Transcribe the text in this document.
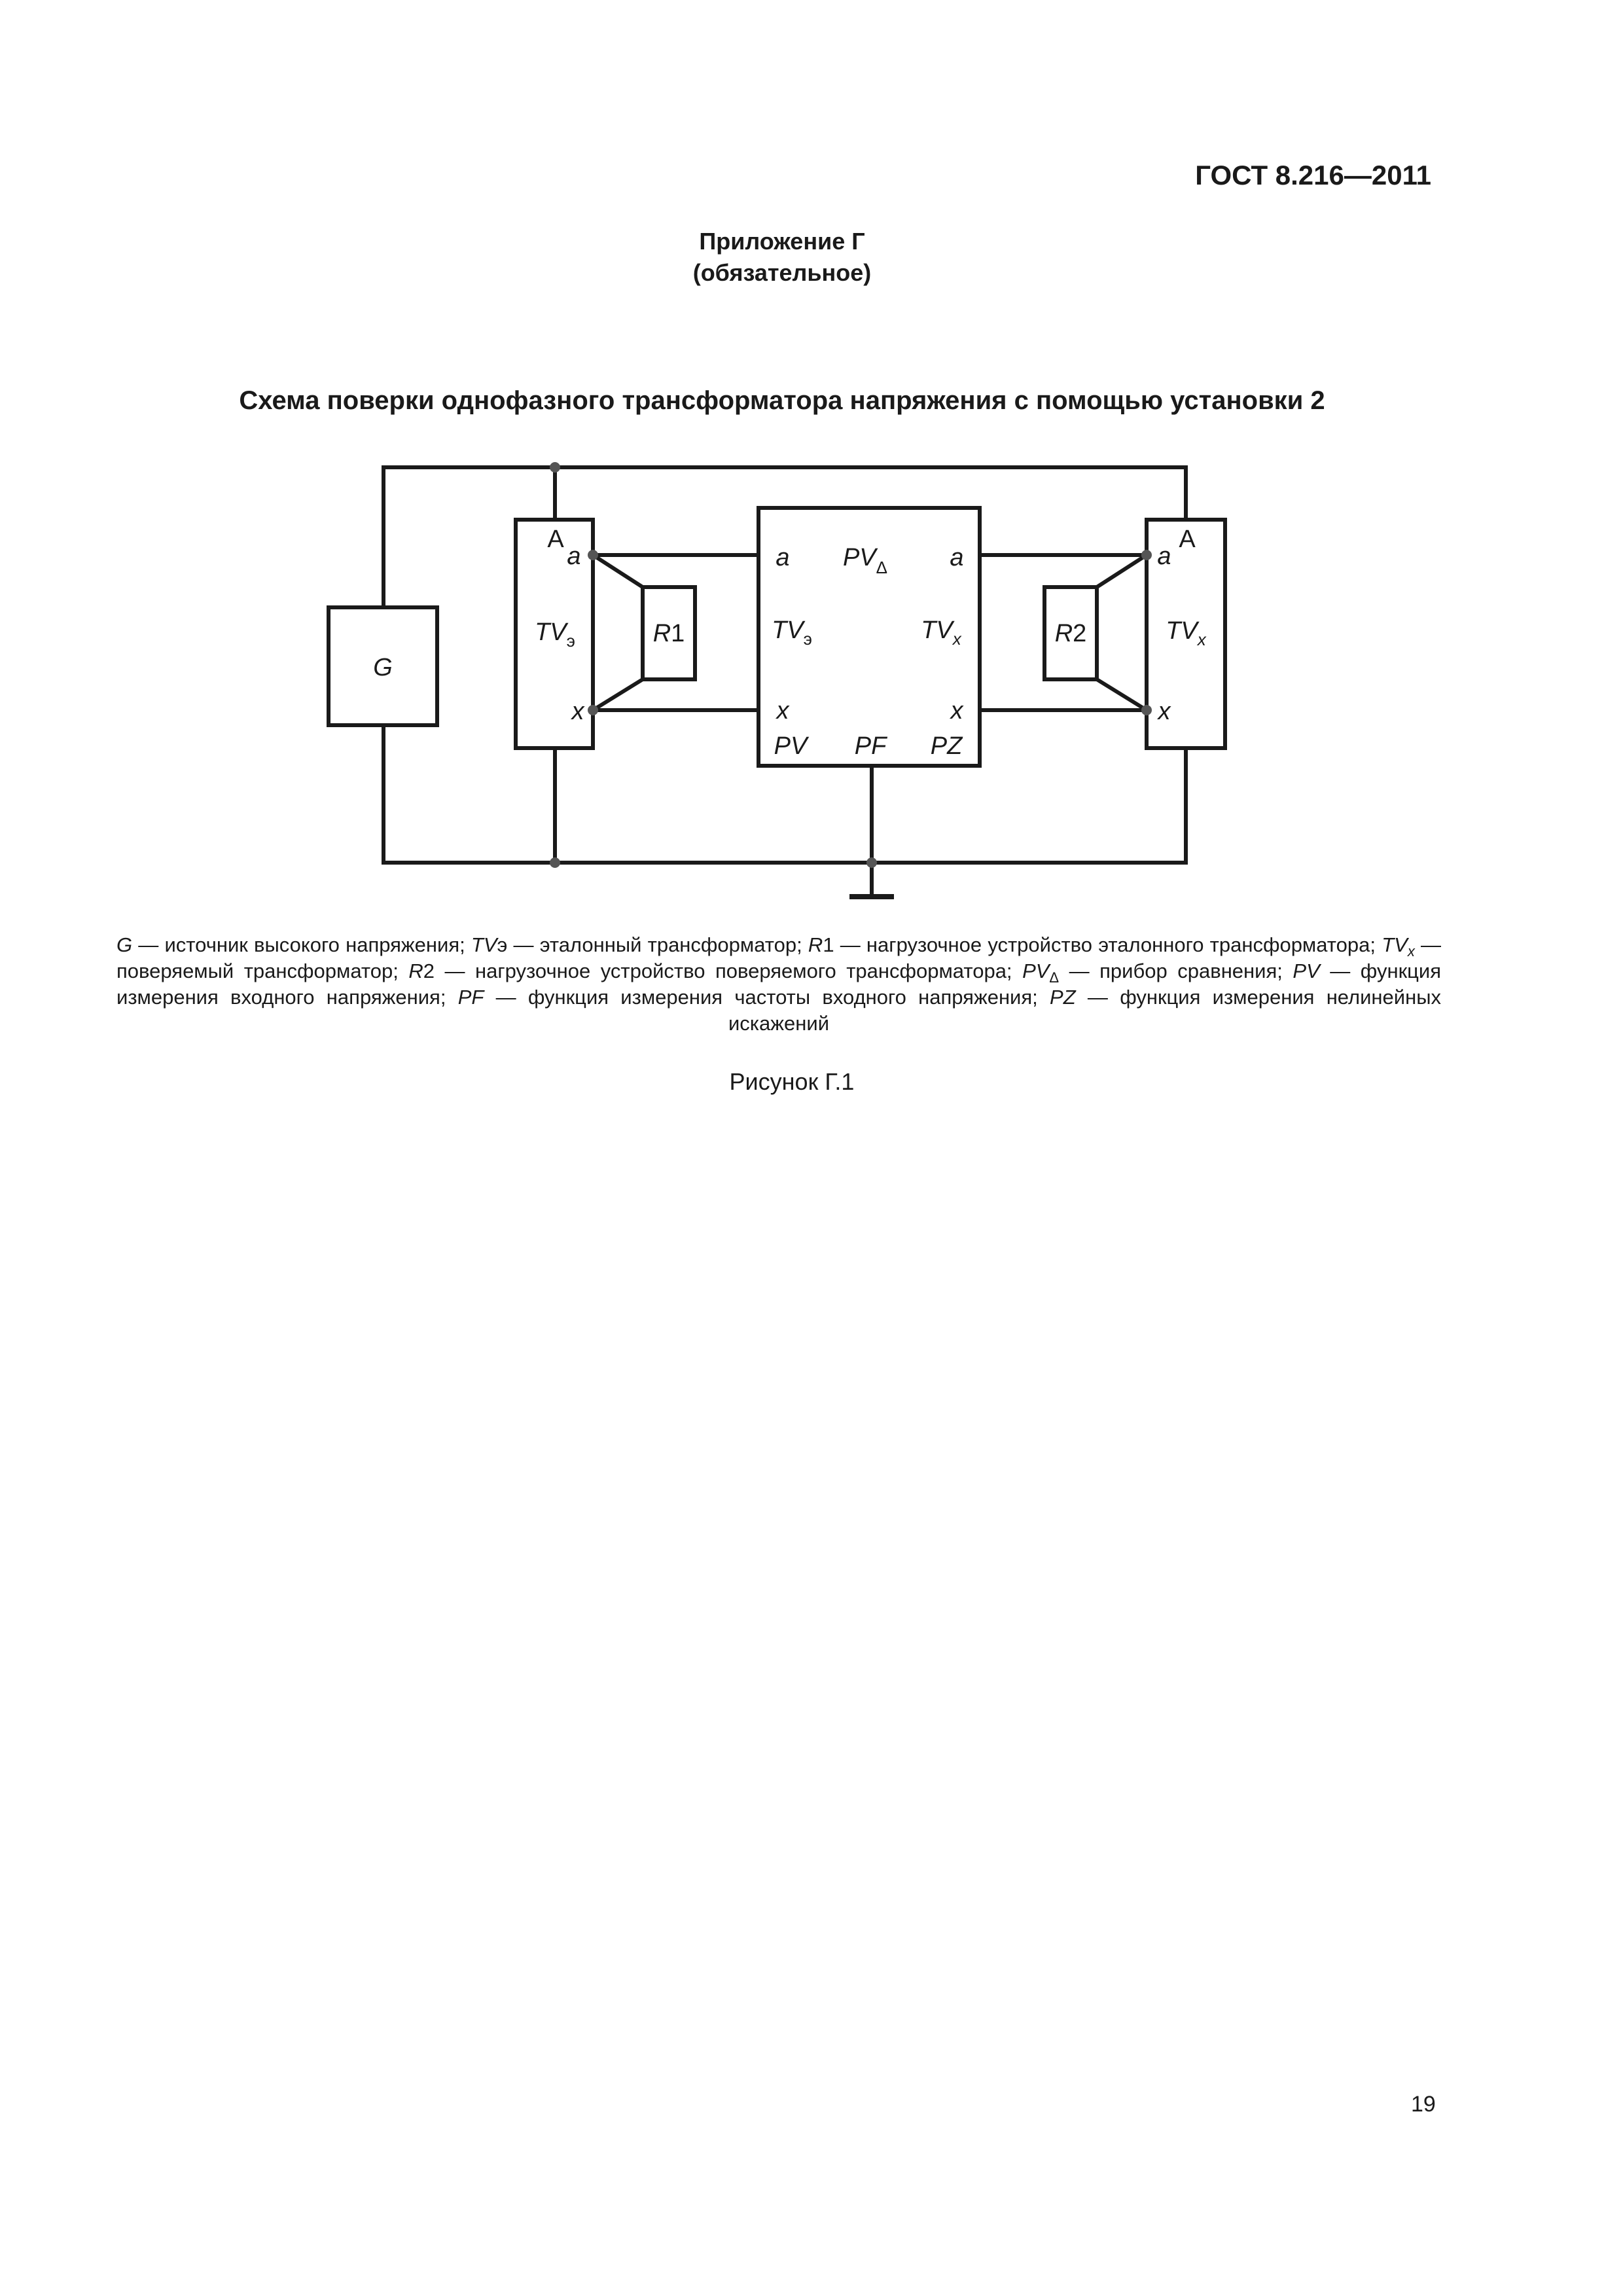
ГОСТ 8.216—2011
Приложение Г
(обязательное)
Схема поверки однофазного трансформатора напряжения с помощью установки 2
G
A
a
x
$TV_э$	R1
a $PV_\Delta$	a
$TV_э$	$TV_x$
x	x
PV PF PZ
R2
A
a
x
$TV_x$
G — источник высокого напряжения; TVэ — эталонный трансформатор; R1 — нагрузочное устройство эталонного трансформатора; $TV_x$ — поверяемый трансформатор; R2 — нагрузочное устройство поверяемого трансформатора; $PV_\Delta$ — прибор сравнения; PV — функция измерения входного напряжения; PF — функция измерения частоты входного напряжения; PZ — функция измерения нелинейных искажений
Рисунок Г.1
19
